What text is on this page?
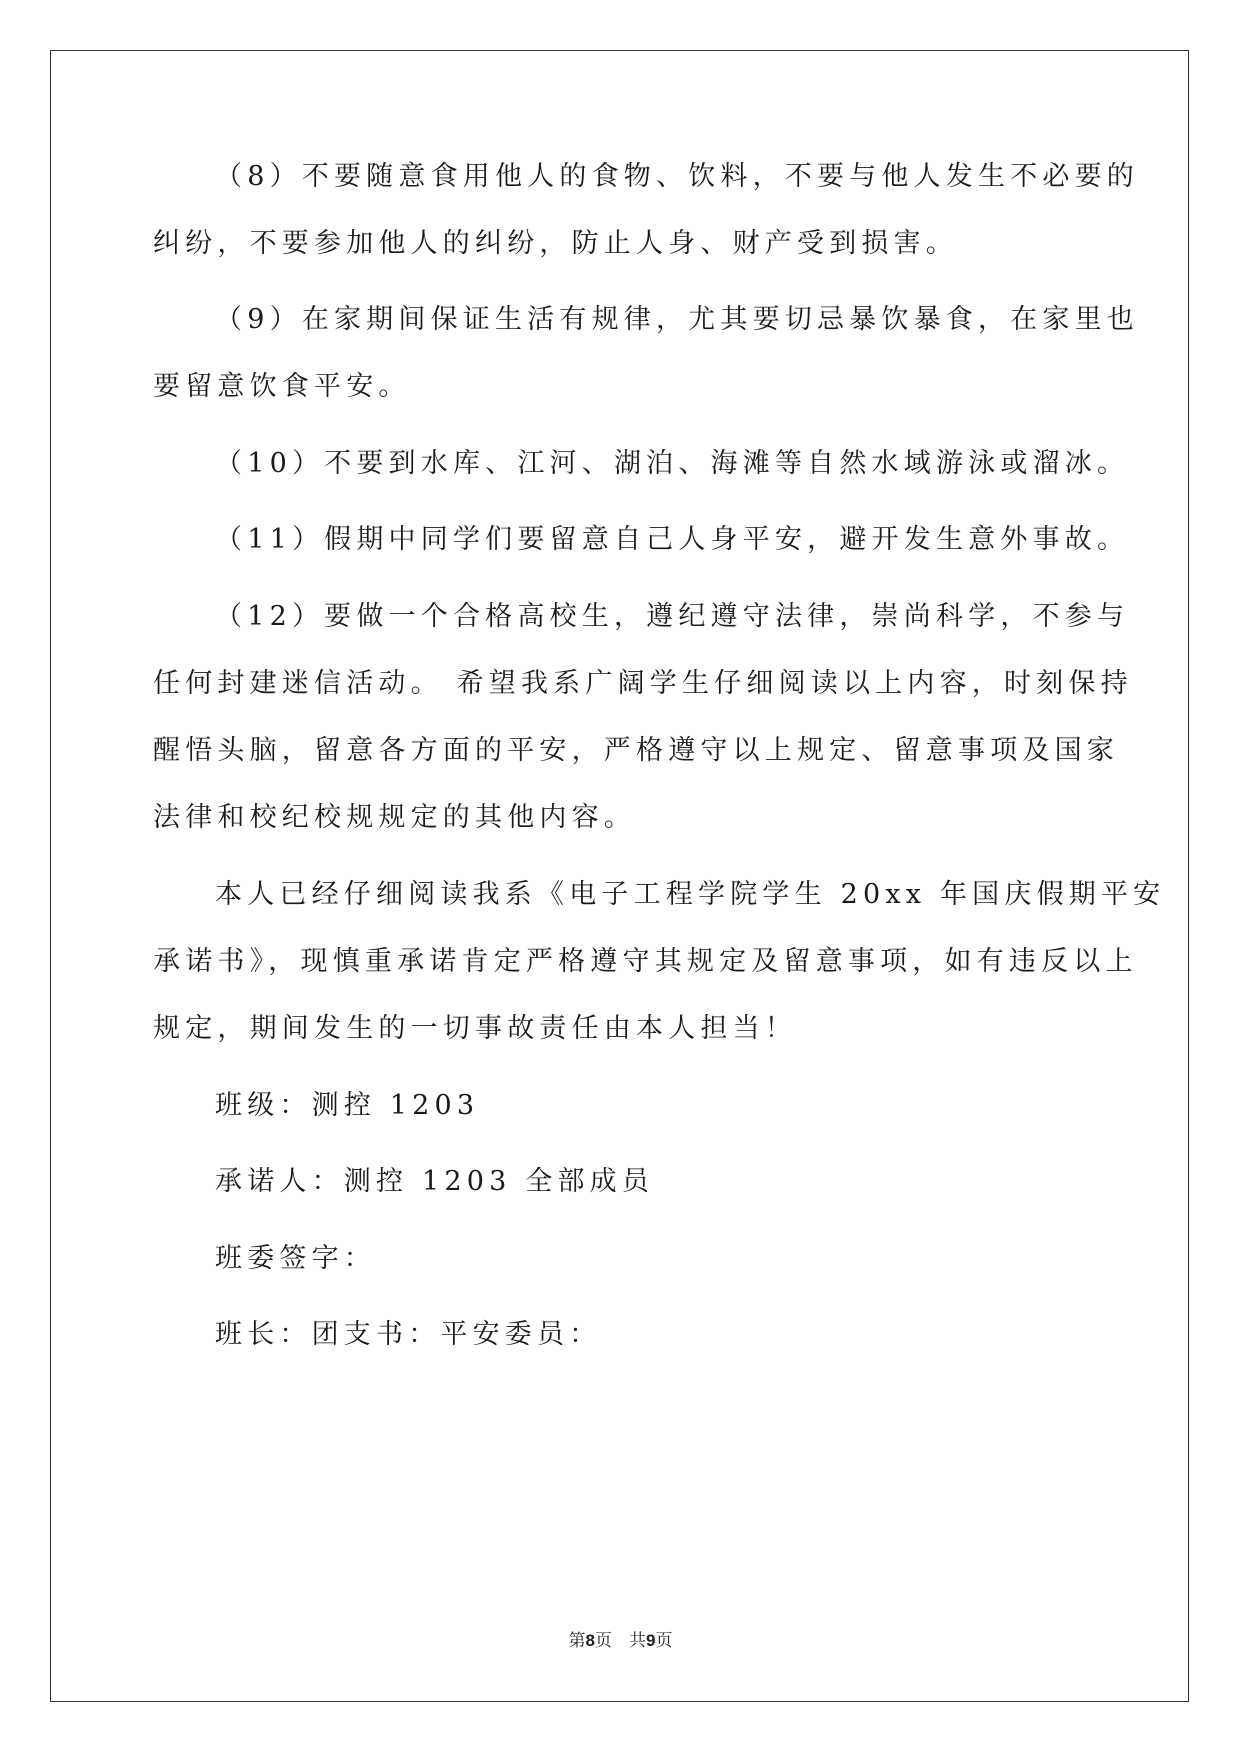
（8）不要随意食用他人的食物、饮料，不要与他人发生不必要的
纠纷，不要参加他人的纠纷，防止人身、财产受到损害。
（9）在家期间保证生活有规律，尤其要切忌暴饮暴食，在家里也
要留意饮食平安。
（10）不要到水库、江河、湖泊、海滩等自然水域游泳或溜冰。
（11）假期中同学们要留意自己人身平安，避开发生意外事故。
（12）要做一个合格高校生，遵纪遵守法律，崇尚科学，不参与
任何封建迷信活动。 希望我系广阔学生仔细阅读以上内容，时刻保持
醒悟头脑，留意各方面的平安，严格遵守以上规定、留意事项及国家
法律和校纪校规规定的其他内容。
本人已经仔细阅读我系《电子工程学院学生 20xx 年国庆假期平安
承诺书》，现慎重承诺肯定严格遵守其规定及留意事项，如有违反以上
规定，期间发生的一切事故责任由本人担当！
班级：测控 1203
承诺人：测控 1203 全部成员
班委签字：
班长：团支书：平安委员：
第8页　共9页
